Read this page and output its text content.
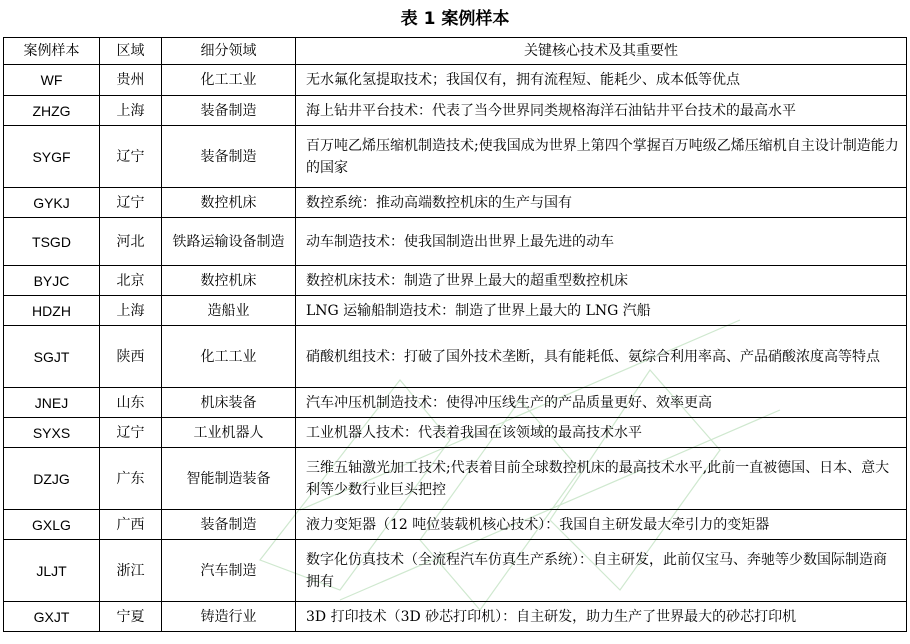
表 1 案例样本
案例样本	区域	细分领域	关键核心技术及其重要性
WF	贵州	化工工业	无水氟化氢提取技术；我国仅有，拥有流程短、能耗少、成本低等优点
ZHZG	上海	装备制造	海上钻井平台技术：代表了当今世界同类规格海洋石油钻井平台技术的最高水平
SYGF	辽宁	装备制造	百万吨乙烯压缩机制造技术;使我国成为世界上第四个掌握百万吨级乙烯压缩机自主设计制造能力的国家
GYKJ	辽宁	数控机床	数控系统：推动高端数控机床的生产与国有
TSGD	河北	铁路运输设备制造	动车制造技术：使我国制造出世界上最先进的动车
BYJC	北京	数控机床	数控机床技术：制造了世界上最大的超重型数控机床
HDZH	上海	造船业	LNG 运输船制造技术：制造了世界上最大的 LNG 汽船
SGJT	陕西	化工工业	硝酸机组技术：打破了国外技术垄断，具有能耗低、氨综合利用率高、产品硝酸浓度高等特点
JNEJ	山东	机床装备	汽车冲压机制造技术：使得冲压线生产的产品质量更好、效率更高
SYXS	辽宁	工业机器人	工业机器人技术：代表着我国在该领域的最高技术水平
DZJG	广东	智能制造装备	三维五轴激光加工技术;代表着目前全球数控机床的最高技术水平,此前一直被德国、日本、意大利等少数行业巨头把控
GXLG	广西	装备制造	液力变矩器（12 吨位装载机核心技术）：我国自主研发最大牵引力的变矩器
JLJT	浙江	汽车制造	数字化仿真技术（全流程汽车仿真生产系统）：自主研发，此前仅宝马、奔驰等少数国际制造商拥有
GXJT	宁夏	铸造行业	3D 打印技术（3D 砂芯打印机）：自主研发，助力生产了世界最大的砂芯打印机
